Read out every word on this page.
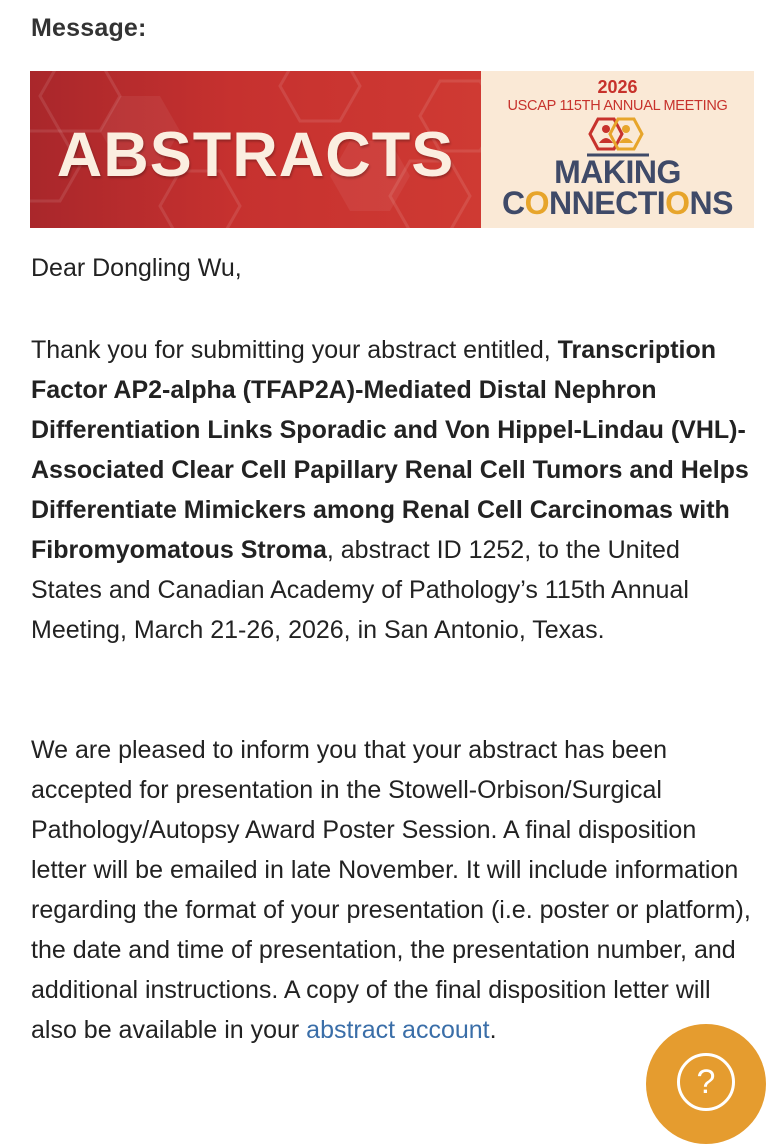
Message:
ABSTRACTS
2026
USCAP 115TH ANNUAL MEETING
MAKING
CONNECTIONS
Dear Dongling Wu,
Thank you for submitting your abstract entitled, Transcription Factor AP2-alpha (TFAP2A)-Mediated Distal Nephron Differentiation Links Sporadic and Von Hippel-Lindau (VHL)-Associated Clear Cell Papillary Renal Cell Tumors and Helps Differentiate Mimickers among Renal Cell Carcinomas with Fibromyomatous Stroma, abstract ID 1252, to the United States and Canadian Academy of Pathology’s 115th Annual Meeting, March 21-26, 2026, in San Antonio, Texas.
We are pleased to inform you that your abstract has been accepted for presentation in the Stowell-Orbison/Surgical Pathology/Autopsy Award Poster Session. A final disposition letter will be emailed in late November. It will include information regarding the format of your presentation (i.e. poster or platform), the date and time of presentation, the presentation number, and additional instructions. A copy of the final disposition letter will also be available in your abstract account.
?
